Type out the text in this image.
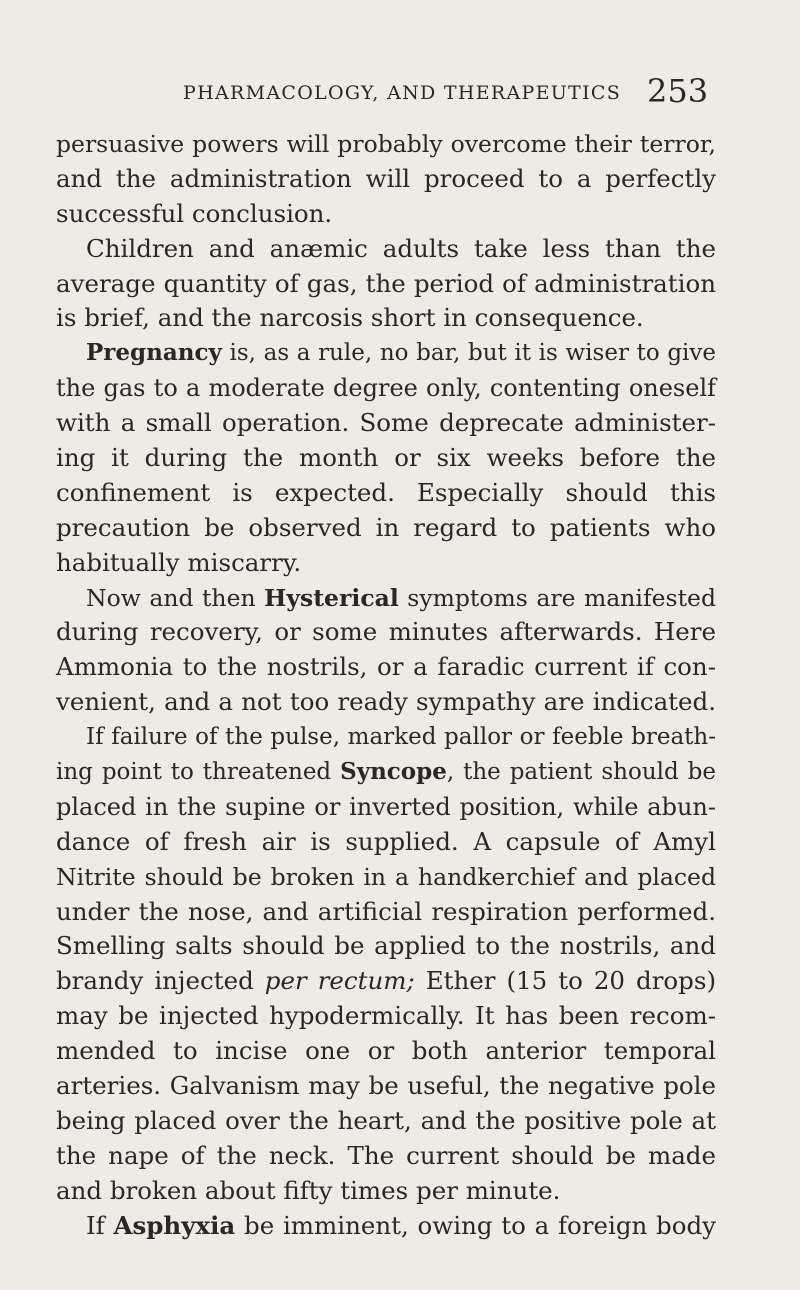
PHARMACOLOGY, AND THERAPEUTICS 253
persuasive powers will probably overcome their terror,
and the administration will proceed to a perfectly
successful conclusion.
Children and anæmic adults take less than the
average quantity of gas, the period of administration
is brief, and the narcosis short in consequence.
Pregnancy is, as a rule, no bar, but it is wiser to give
the gas to a moderate degree only, contenting oneself
with a small operation. Some deprecate administer-
ing it during the month or six weeks before the
confinement is expected. Especially should this
precaution be observed in regard to patients who
habitually miscarry.
Now and then Hysterical symptoms are manifested
during recovery, or some minutes afterwards. Here
Ammonia to the nostrils, or a faradic current if con-
venient, and a not too ready sympathy are indicated.
If failure of the pulse, marked pallor or feeble breath-
ing point to threatened Syncope, the patient should be
placed in the supine or inverted position, while abun-
dance of fresh air is supplied. A capsule of Amyl
Nitrite should be broken in a handkerchief and placed
under the nose, and artificial respiration performed.
Smelling salts should be applied to the nostrils, and
brandy injected per rectum; Ether (15 to 20 drops)
may be injected hypodermically. It has been recom-
mended to incise one or both anterior temporal
arteries. Galvanism may be useful, the negative pole
being placed over the heart, and the positive pole at
the nape of the neck. The current should be made
and broken about fifty times per minute.
If Asphyxia be imminent, owing to a foreign body
